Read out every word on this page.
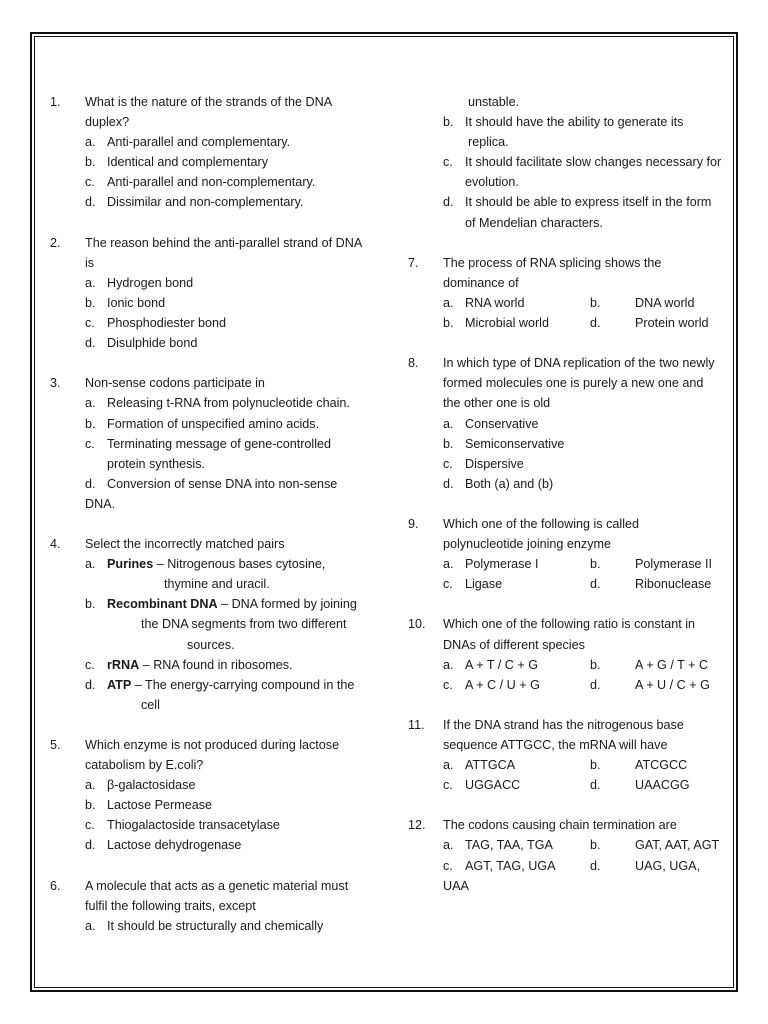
1. What is the nature of the strands of the DNA
duplex?
a. Anti-parallel and complementary.
b. Identical and complementary
c. Anti-parallel and non-complementary.
d. Dissimilar and non-complementary.
2. The reason behind the anti-parallel strand of DNA
is
a. Hydrogen bond
b. Ionic bond
c. Phosphodiester bond
d. Disulphide bond
3. Non-sense codons participate in
a. Releasing t-RNA from polynucleotide chain.
b. Formation of unspecified amino acids.
c. Terminating message of gene-controlled
protein synthesis.
d. Conversion of sense DNA into non-sense
DNA.
4. Select the incorrectly matched pairs
a. Purines – Nitrogenous bases cytosine,
thymine and uracil.
b. Recombinant DNA – DNA formed by joining
the DNA segments from two different
sources.
c. rRNA – RNA found in ribosomes.
d. ATP – The energy-carrying compound in the
cell
5. Which enzyme is not produced during lactose
catabolism by E.coli?
a. β-galactosidase
b. Lactose Permease
c. Thiogalactoside transacetylase
d. Lactose dehydrogenase
6. A molecule that acts as a genetic material must
fulfil the following traits, except
a. It should be structurally and chemically
unstable.
b. It should have the ability to generate its
replica.
c. It should facilitate slow changes necessary for
evolution.
d. It should be able to express itself in the form
of Mendelian characters.
7. The process of RNA splicing shows the
dominance of
a. RNA world	b.	DNA world
b. Microbial world	d.	Protein world
8. In which type of DNA replication of the two newly
formed molecules one is purely a new one and
the other one is old
a. Conservative
b. Semiconservative
c. Dispersive
d. Both (a) and (b)
9. Which one of the following is called
polynucleotide joining enzyme
a. Polymerase I	b.	Polymerase II
c. Ligase	d.	Ribonuclease
10. Which one of the following ratio is constant in
DNAs of different species
a. A + T / C + G	b.	A + G / T + C
c. A + C / U + G	d.	A + U / C + G
11. If the DNA strand has the nitrogenous base
sequence ATTGCC, the mRNA will have
a. ATTGCA	b.	ATCGCC
c. UGGACC	d.	UAACGG
12. The codons causing chain termination are
a. TAG, TAA, TGA	b.	GAT, AAT, AGT
c. AGT, TAG, UGA	d.	UAG, UGA,
UAA
